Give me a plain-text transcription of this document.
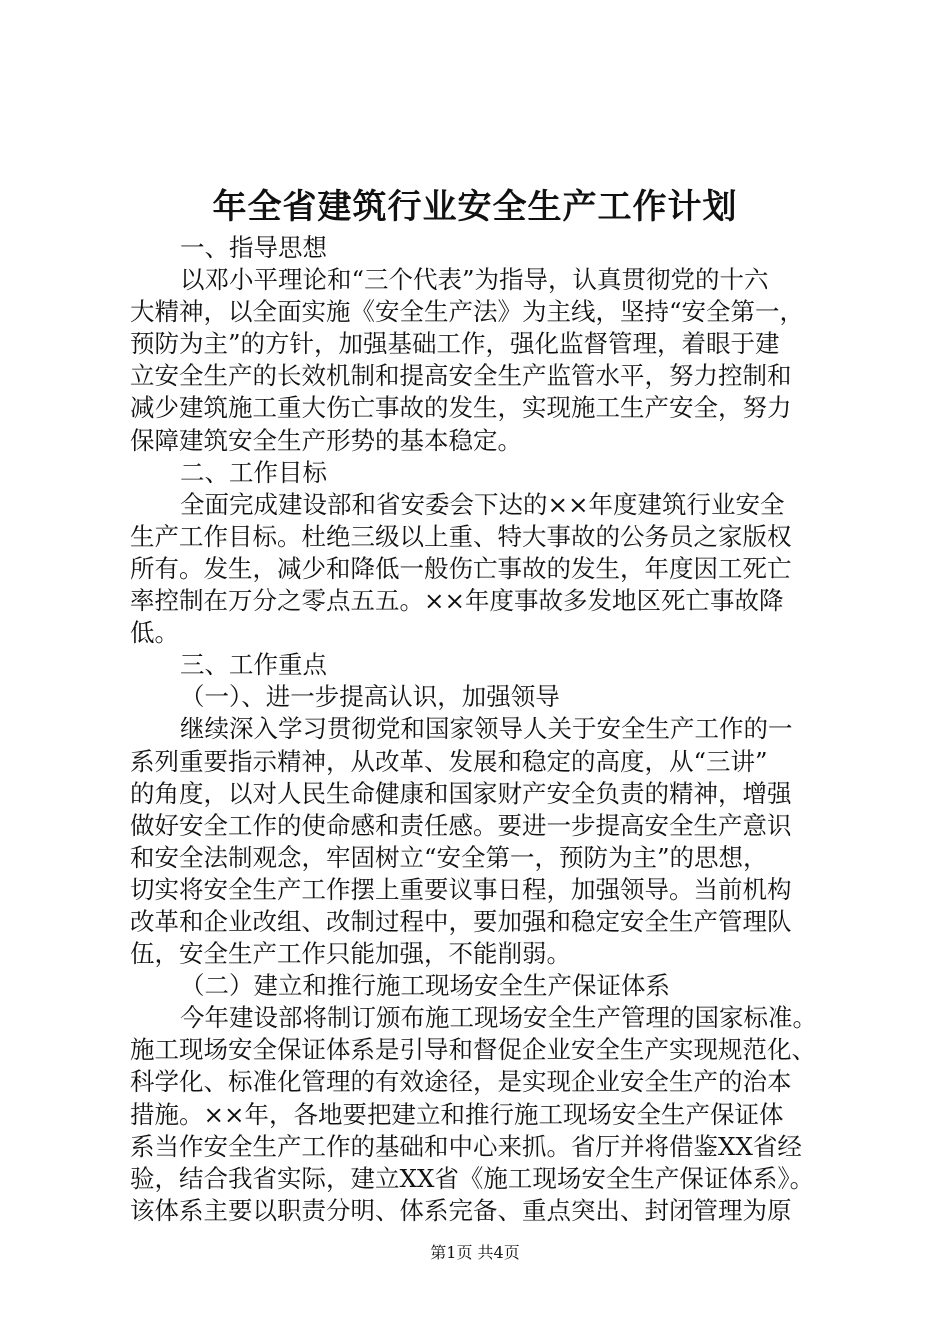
年全省建筑行业安全生产工作计划
一、指导思想
以邓小平理论和“三个代表”为指导，认真贯彻党的十六
大精神，以全面实施《安全生产法》为主线，坚持“安全第一，
预防为主”的方针，加强基础工作，强化监督管理，着眼于建
立安全生产的长效机制和提高安全生产监管水平，努力控制和
减少建筑施工重大伤亡事故的发生，实现施工生产安全，努力
保障建筑安全生产形势的基本稳定。
二、工作目标
全面完成建设部和省安委会下达的××年度建筑行业安全
生产工作目标。杜绝三级以上重、特大事故的公务员之家版权
所有。发生，减少和降低一般伤亡事故的发生，年度因工死亡
率控制在万分之零点五五。××年度事故多发地区死亡事故降
低。
三、工作重点
（一）、进一步提高认识，加强领导
继续深入学习贯彻党和国家领导人关于安全生产工作的一
系列重要指示精神，从改革、发展和稳定的高度，从“三讲”
的角度，以对人民生命健康和国家财产安全负责的精神，增强
做好安全工作的使命感和责任感。要进一步提高安全生产意识
和安全法制观念，牢固树立“安全第一，预防为主”的思想，
切实将安全生产工作摆上重要议事日程，加强领导。当前机构
改革和企业改组、改制过程中，要加强和稳定安全生产管理队
伍，安全生产工作只能加强，不能削弱。
（二）建立和推行施工现场安全生产保证体系
今年建设部将制订颁布施工现场安全生产管理的国家标准。
施工现场安全保证体系是引导和督促企业安全生产实现规范化、
科学化、标准化管理的有效途径，是实现企业安全生产的治本
措施。××年，各地要把建立和推行施工现场安全生产保证体
系当作安全生产工作的基础和中心来抓。省厅并将借鉴XX省经
验，结合我省实际，建立XX省《施工现场安全生产保证体系》。
该体系主要以职责分明、体系完备、重点突出、封闭管理为原
第1页 共4页
